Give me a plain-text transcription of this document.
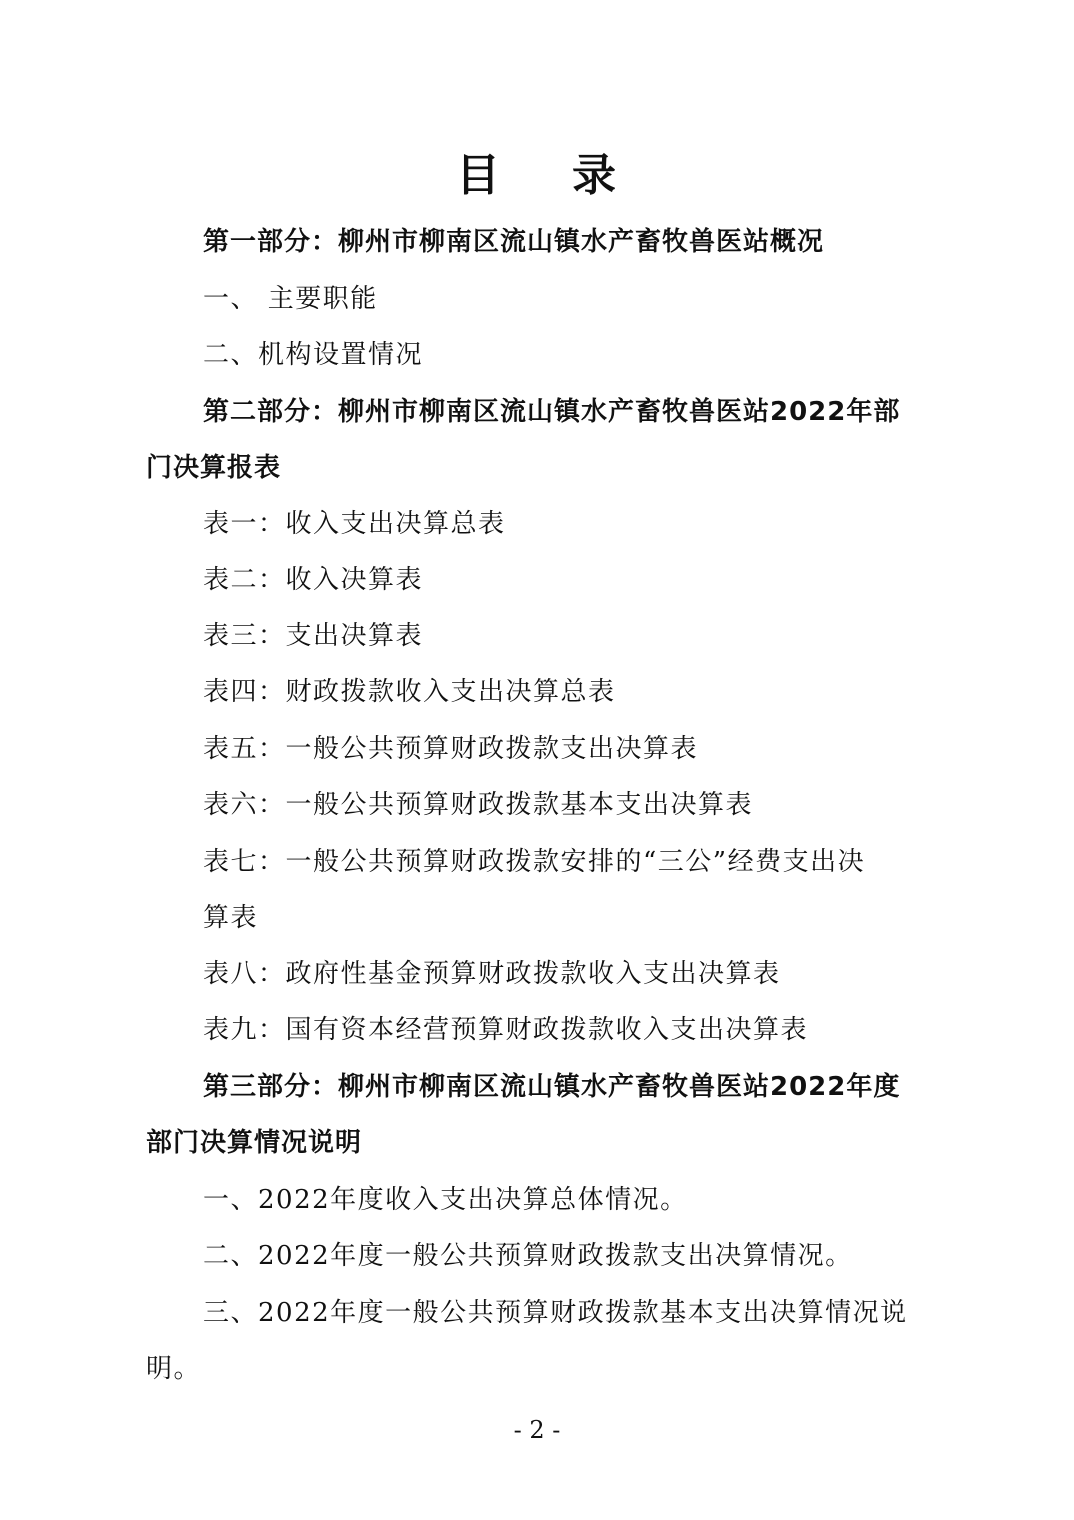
目 录
第一部分：柳州市柳南区流山镇水产畜牧兽医站概况
一、 主要职能
二、机构设置情况
第二部分：柳州市柳南区流山镇水产畜牧兽医站2022年部
门决算报表
表一：收入支出决算总表
表二：收入决算表
表三：支出决算表
表四：财政拨款收入支出决算总表
表五：一般公共预算财政拨款支出决算表
表六：一般公共预算财政拨款基本支出决算表
表七：一般公共预算财政拨款安排的“三公”经费支出决
算表
表八：政府性基金预算财政拨款收入支出决算表
表九：国有资本经营预算财政拨款收入支出决算表
第三部分：柳州市柳南区流山镇水产畜牧兽医站2022年度
部门决算情况说明
一、2022年度收入支出决算总体情况。
二、2022年度一般公共预算财政拨款支出决算情况。
三、2022年度一般公共预算财政拨款基本支出决算情况说
明。
- 2 -
